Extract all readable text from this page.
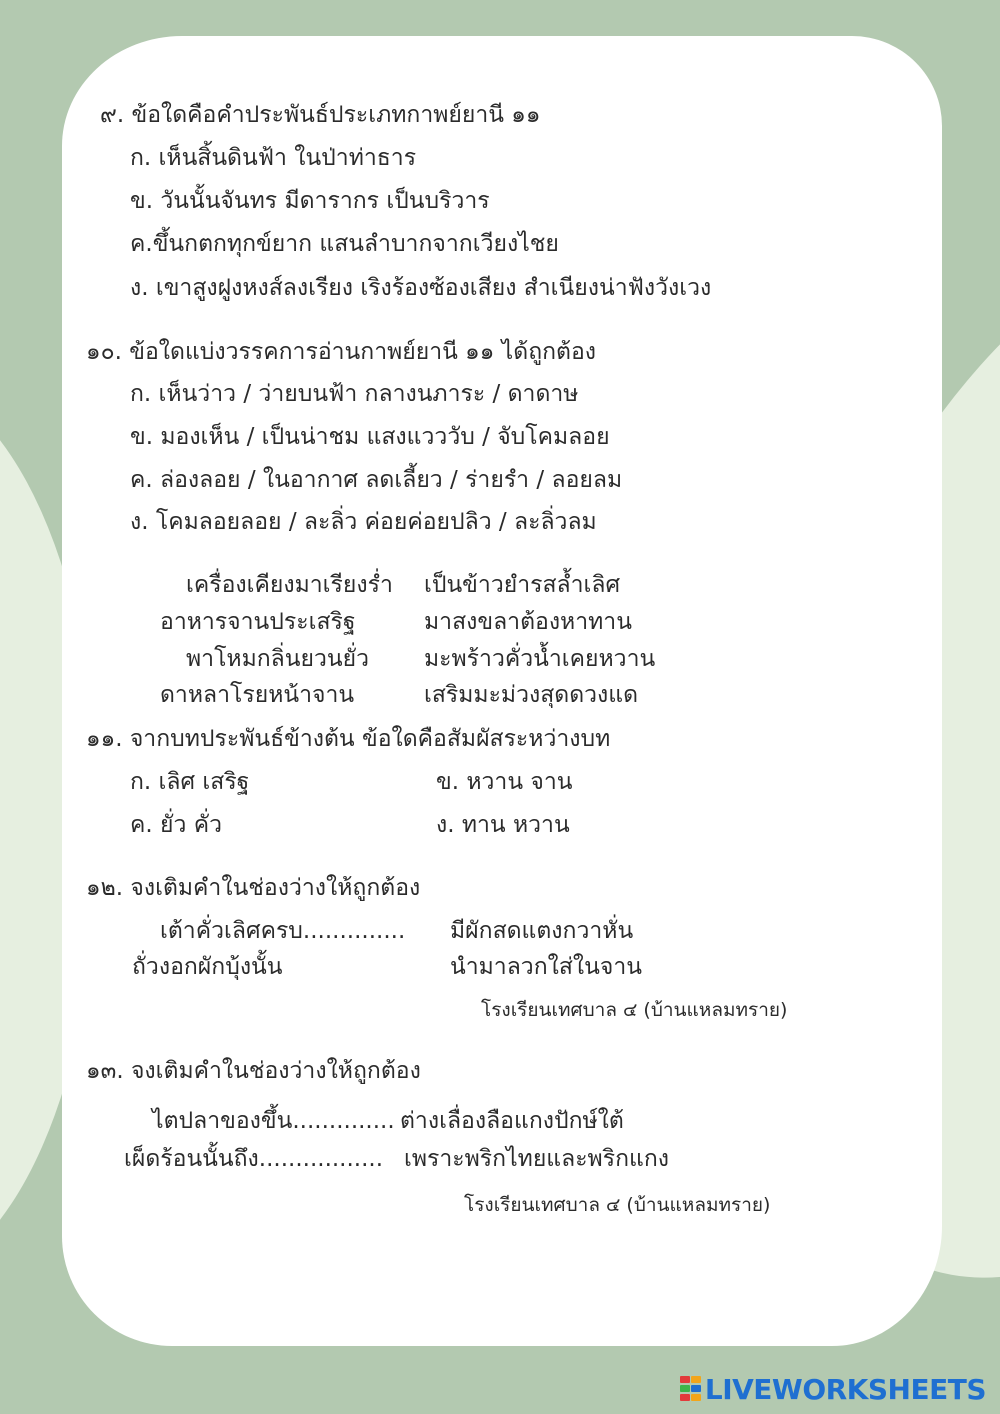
๙. ข้อใดคือคำประพันธ์ประเภทกาพย์ยานี ๑๑
ก. เห็นสิ้นดินฟ้า ในป่าท่าธาร
ข. วันนั้นจันทร มีดารากร เป็นบริวาร
ค.ขึ้นกตกทุกข์ยาก แสนลำบากจากเวียงไชย
ง. เขาสูงฝูงหงส์ลงเรียง เริงร้องซ้องเสียง สำเนียงน่าฟังวังเวง
๑๐. ข้อใดแบ่งวรรคการอ่านกาพย์ยานี ๑๑ ได้ถูกต้อง
ก. เห็นว่าว / ว่ายบนฟ้า กลางนภาระ / ดาดาษ
ข. มองเห็น / เป็นน่าชม แสงแวววับ / จับโคมลอย
ค. ล่องลอย / ในอากาศ ลดเลี้ยว / ร่ายรำ / ลอยลม
ง. โคมลอยลอย / ละลิ่ว ค่อยค่อยปลิว / ละลิ่วลม
เครื่องเคียงมาเรียงร่ำ เป็นข้าวยำรสล้ำเลิศ
อาหารจานประเสริฐ	มาสงขลาต้องหาทาน
พาโหมกลิ่นยวนยั่ว มะพร้าวคั่วน้ำเคยหวาน
ดาหลาโรยหน้าจาน	เสริมมะม่วงสุดดวงแด
๑๑. จากบทประพันธ์ข้างต้น ข้อใดคือสัมผัสระหว่างบท
ก. เลิศ เสริฐ	ข. หวาน จาน
ค. ยั่ว คั่ว	ง. ทาน หวาน
๑๒. จงเติมคำในช่องว่างให้ถูกต้อง
เต้าคั่วเลิศครบ.............. มีผักสดแตงกวาหั่น
ถั่วงอกผักบุ้งนั้น	นำมาลวกใส่ในจาน
โรงเรียนเทศบาล ๔ (บ้านแหลมทราย)
๑๓. จงเติมคำในช่องว่างให้ถูกต้อง
ไตปลาของขึ้น.............. ต่างเลื่องลือแกงปักษ์ใต้
เผ็ดร้อนนั้นถึง................. เพราะพริกไทยและพริกแกง
โรงเรียนเทศบาล ๔ (บ้านแหลมทราย)
LIVEWORKSHEETS
